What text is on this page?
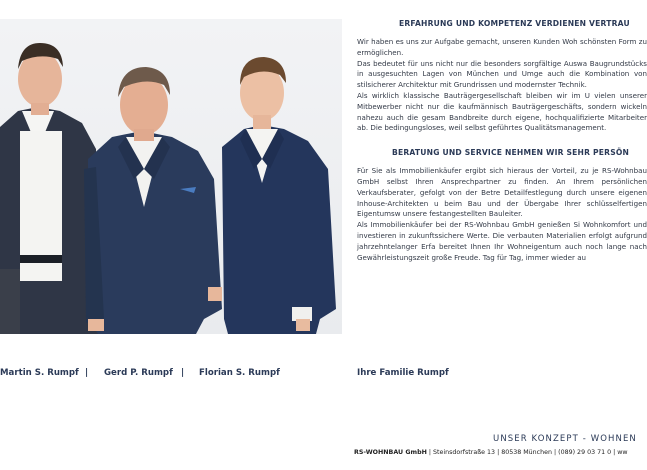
Martin S. Rumpf | Gerd P. Rumpf | Florian S. Rumpf	Ihre Familie Rumpf

ERFAHRUNG UND KOMPETENZ VERDIENEN VERTRAU

Wir haben es uns zur Aufgabe gemacht, unseren Kunden Woh schönsten Form zu ermöglichen.

Das bedeutet für uns nicht nur die besonders sorgfältige Auswa Baugrundstücks in ausgesuchten Lagen von München und Umge auch die Kombination von stilsicherer Architektur mit Grundrissen und modernster Technik.

Als wirklich klassische Bauträgergesellschaft bleiben wir im U vielen unserer Mitbewerber nicht nur die kaufmännisch Bauträgergeschäfts, sondern wickeln nahezu auch die gesam Bandbreite durch eigene, hochqualifizierte Mitarbeiter ab. Die bedingungsloses, weil selbst geführtes Qualitätsmanagement.

BERATUNG UND SERVICE NEHMEN WIR SEHR PERSÖN

Für Sie als Immobilienkäufer ergibt sich hieraus der Vorteil, zu je RS-Wohnbau GmbH selbst Ihren Ansprechpartner zu finden. An Ihrem persönlichen Verkaufsberater, gefolgt von der Betre Detailfestlegung durch unsere eigenen Inhouse-Architekten u beim Bau und der Übergabe Ihrer schlüsselfertigen Eigentumsw unsere festangestellten Bauleiter.

Als Immobilienkäufer bei der RS-Wohnbau GmbH genießen Si Wohnkomfort und investieren in zukunftssichere Werte. Die verbauten Materialien erfolgt aufgrund jahrzehntelanger Erfa bereitet Ihnen Ihr Wohneigentum auch noch lange nach Gewährleistungszeit große Freude. Tag für Tag, immer wieder au

UNSER KONZEPT - WOHNEN
RS-WOHNBAU GmbH | Steinsdorfstraße 13 | 80538 München | (089) 29 03 71 0 | ww
